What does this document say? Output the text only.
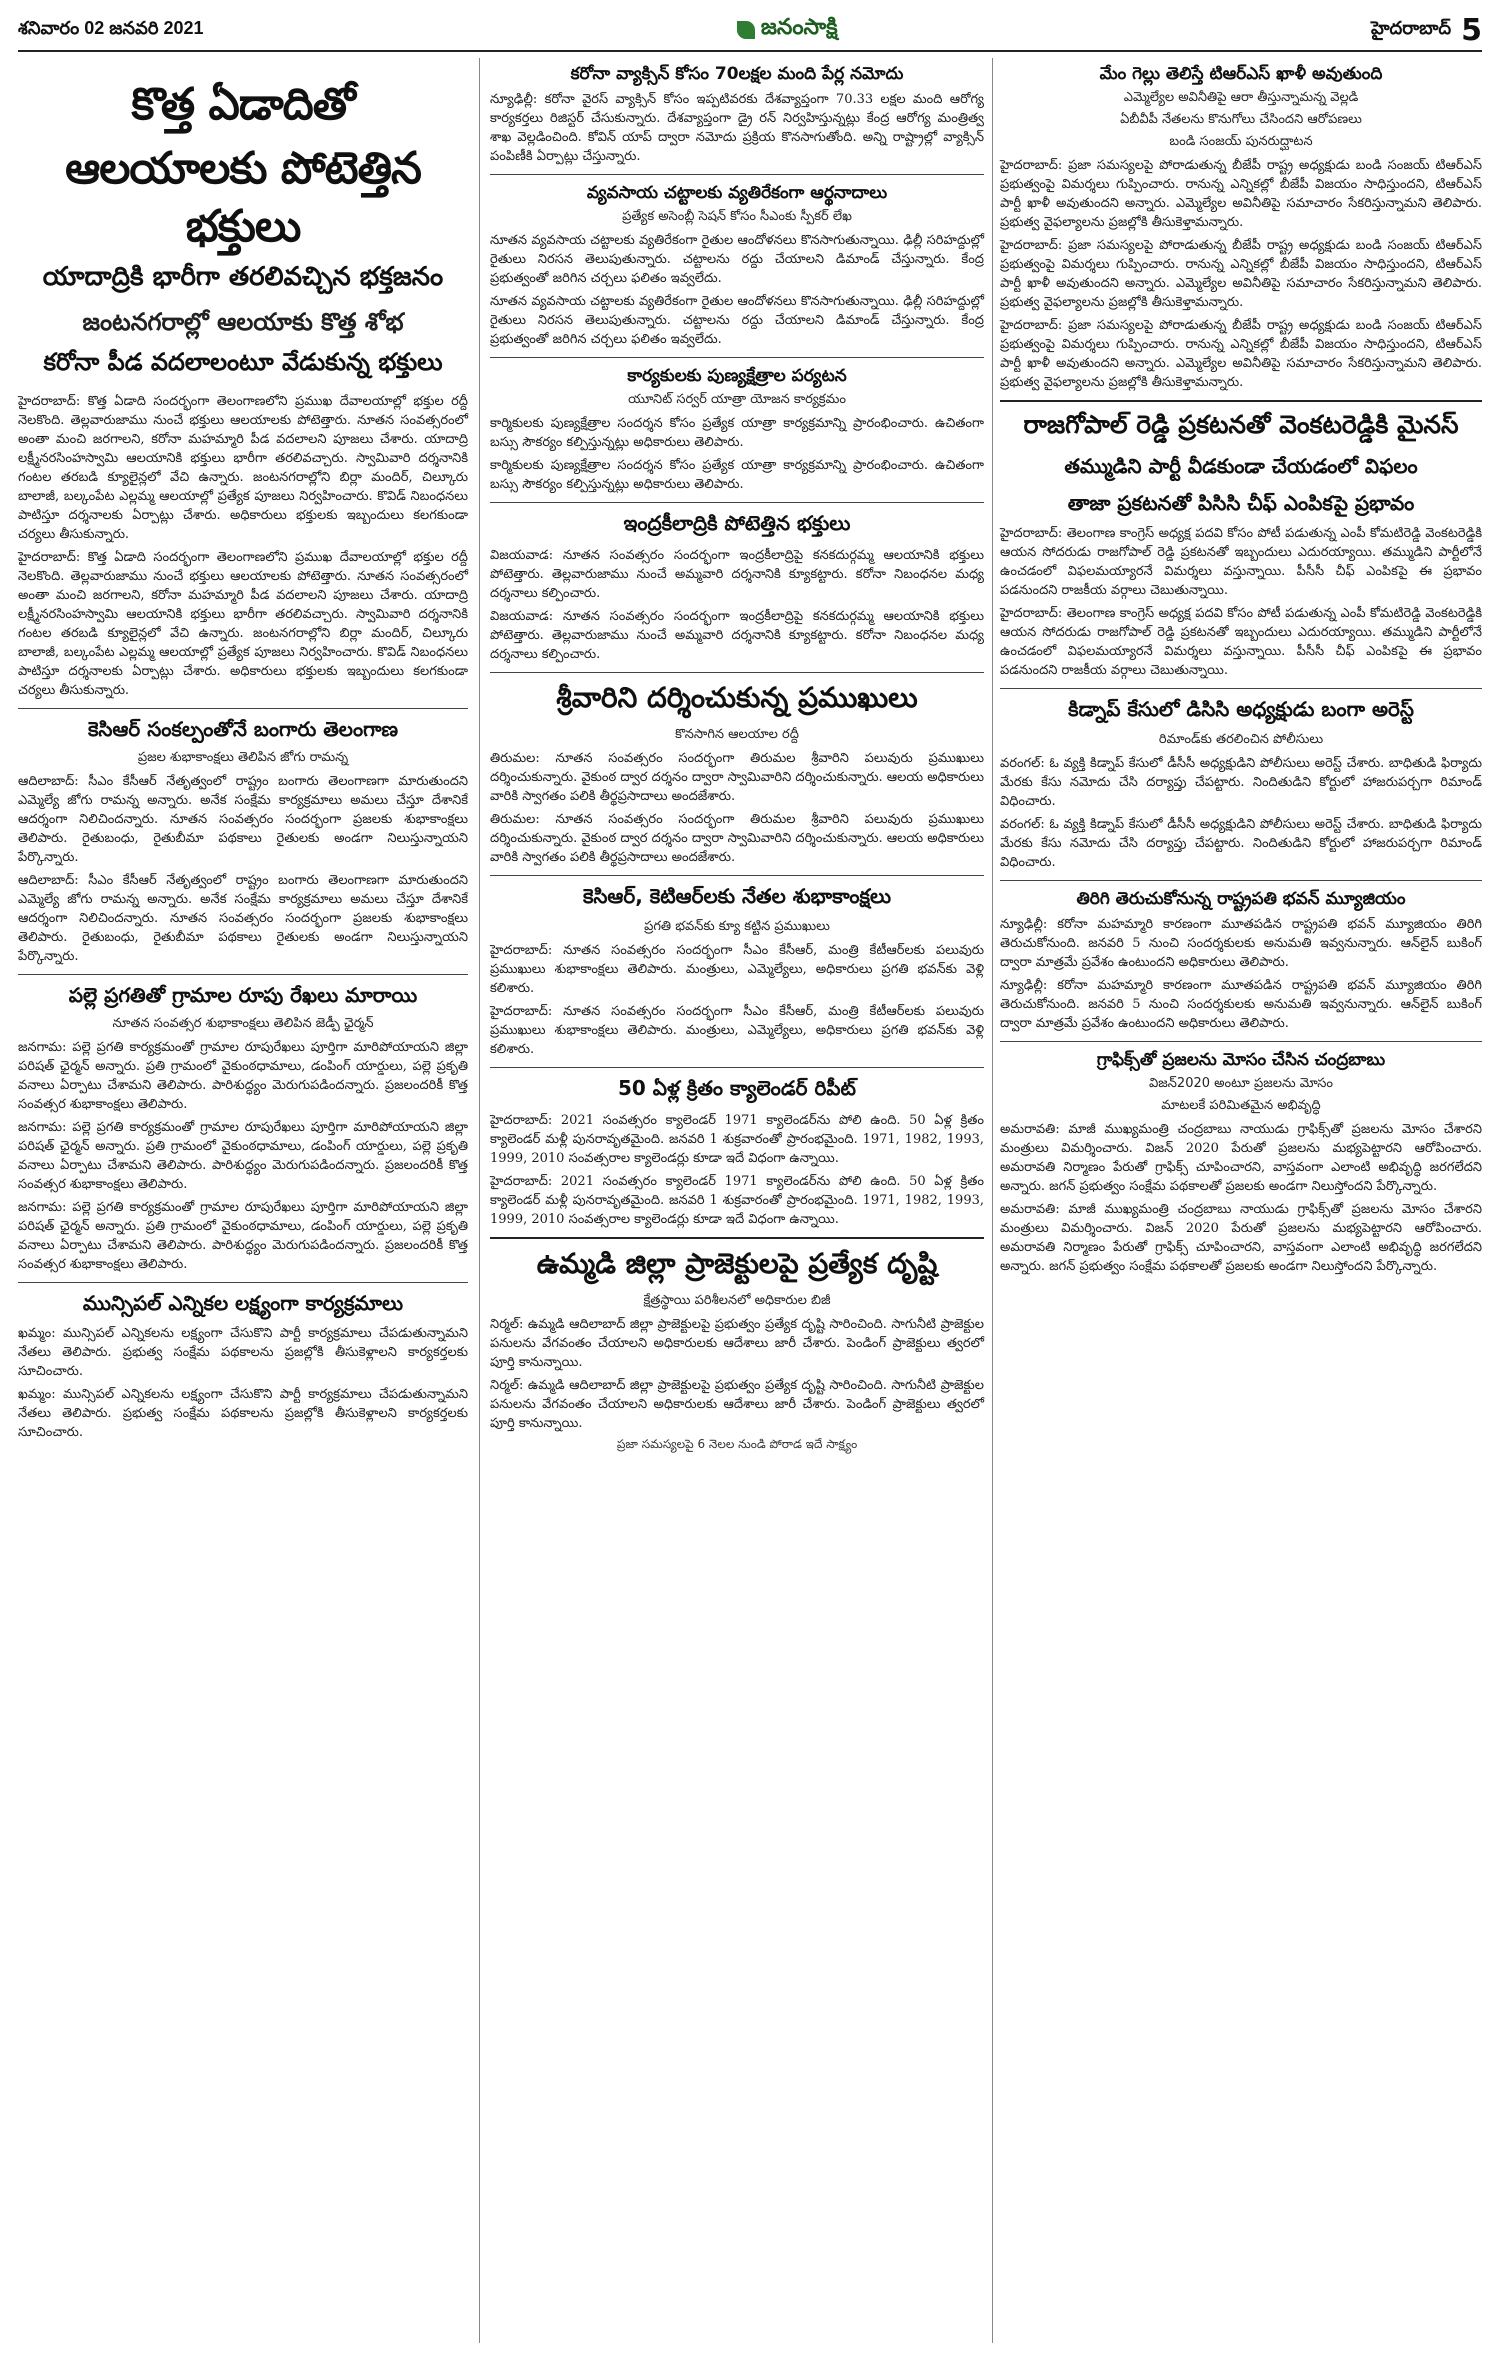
శనివారం 02 జనవరి 2021	జనంసాక్షి	హైదరాబాద్ 5
కొత్త ఏడాదితో
ఆలయాలకు పోటెత్తిన భక్తులు
యాదాద్రికి భారీగా తరలివచ్చిన భక్తజనం
జంటనగరాల్లో ఆలయాకు కొత్త శోభ
కరోనా పీడ వదలాలంటూ వేడుకున్న భక్తులు

హైదరాబాద్‌: కొత్త ఏడాది సందర్భంగా తెలంగాణలోని ప్రముఖ దేవాలయాల్లో భక్తుల రద్దీ నెలకొంది. తెల్లవారుజాము నుంచే భక్తులు ఆలయాలకు పోటెత్తారు. నూతన సంవత్సరంలో అంతా మంచి జరగాలని, కరోనా మహమ్మారి పీడ వదలాలని పూజలు చేశారు. యాదాద్రి లక్ష్మీనరసింహస్వామి ఆలయానికి భక్తులు భారీగా తరలివచ్చారు. స్వామివారి దర్శనానికి గంటల తరబడి క్యూలైన్లలో వేచి ఉన్నారు. జంటనగరాల్లోని బిర్లా మందిర్‌, చిల్కూరు బాలాజీ, బల్కంపేట ఎల్లమ్మ ఆలయాల్లో ప్రత్యేక పూజలు నిర్వహించారు. కొవిడ్‌ నిబంధనలు పాటిస్తూ దర్శనాలకు ఏర్పాట్లు చేశారు. అధికారులు భక్తులకు ఇబ్బందులు కలగకుండా చర్యలు తీసుకున్నారు.

హైదరాబాద్‌: కొత్త ఏడాది సందర్భంగా తెలంగాణలోని ప్రముఖ దేవాలయాల్లో భక్తుల రద్దీ నెలకొంది. తెల్లవారుజాము నుంచే భక్తులు ఆలయాలకు పోటెత్తారు. నూతన సంవత్సరంలో అంతా మంచి జరగాలని, కరోనా మహమ్మారి పీడ వదలాలని పూజలు చేశారు. యాదాద్రి లక్ష్మీనరసింహస్వామి ఆలయానికి భక్తులు భారీగా తరలివచ్చారు. స్వామివారి దర్శనానికి గంటల తరబడి క్యూలైన్లలో వేచి ఉన్నారు. జంటనగరాల్లోని బిర్లా మందిర్‌, చిల్కూరు బాలాజీ, బల్కంపేట ఎల్లమ్మ ఆలయాల్లో ప్రత్యేక పూజలు నిర్వహించారు. కొవిడ్‌ నిబంధనలు పాటిస్తూ దర్శనాలకు ఏర్పాట్లు చేశారు. అధికారులు భక్తులకు ఇబ్బందులు కలగకుండా చర్యలు తీసుకున్నారు.

కెసిఆర్‌ సంకల్పంతోనే బంగారు తెలంగాణ
ప్రజల శుభాకాంక్షలు తెలిపిన జోగు రామన్న

ఆదిలాబాద్‌: సీఎం కేసీఆర్‌ నేతృత్వంలో రాష్ట్రం బంగారు తెలంగాణగా మారుతుందని ఎమ్మెల్యే జోగు రామన్న అన్నారు. అనేక సంక్షేమ కార్యక్రమాలు అమలు చేస్తూ దేశానికే ఆదర్శంగా నిలిచిందన్నారు. నూతన సంవత్సరం సందర్భంగా ప్రజలకు శుభాకాంక్షలు తెలిపారు. రైతుబంధు, రైతుబీమా పథకాలు రైతులకు అండగా నిలుస్తున్నాయని పేర్కొన్నారు.

ఆదిలాబాద్‌: సీఎం కేసీఆర్‌ నేతృత్వంలో రాష్ట్రం బంగారు తెలంగాణగా మారుతుందని ఎమ్మెల్యే జోగు రామన్న అన్నారు. అనేక సంక్షేమ కార్యక్రమాలు అమలు చేస్తూ దేశానికే ఆదర్శంగా నిలిచిందన్నారు. నూతన సంవత్సరం సందర్భంగా ప్రజలకు శుభాకాంక్షలు తెలిపారు. రైతుబంధు, రైతుబీమా పథకాలు రైతులకు అండగా నిలుస్తున్నాయని పేర్కొన్నారు.

పల్లె ప్రగతితో గ్రామాల రూపు రేఖలు మారాయి
నూతన సంవత్సర శుభాకాంక్షలు తెలిపిన జెడ్పీ ఛైర్మన్‌

జనగామ: పల్లె ప్రగతి కార్యక్రమంతో గ్రామాల రూపురేఖలు పూర్తిగా మారిపోయాయని జిల్లా పరిషత్‌ ఛైర్మన్‌ అన్నారు. ప్రతి గ్రామంలో వైకుంఠధామాలు, డంపింగ్‌ యార్డులు, పల్లె ప్రకృతి వనాలు ఏర్పాటు చేశామని తెలిపారు. పారిశుద్ధ్యం మెరుగుపడిందన్నారు. ప్రజలందరికీ కొత్త సంవత్సర శుభాకాంక్షలు తెలిపారు.

జనగామ: పల్లె ప్రగతి కార్యక్రమంతో గ్రామాల రూపురేఖలు పూర్తిగా మారిపోయాయని జిల్లా పరిషత్‌ ఛైర్మన్‌ అన్నారు. ప్రతి గ్రామంలో వైకుంఠధామాలు, డంపింగ్‌ యార్డులు, పల్లె ప్రకృతి వనాలు ఏర్పాటు చేశామని తెలిపారు. పారిశుద్ధ్యం మెరుగుపడిందన్నారు. ప్రజలందరికీ కొత్త సంవత్సర శుభాకాంక్షలు తెలిపారు.

జనగామ: పల్లె ప్రగతి కార్యక్రమంతో గ్రామాల రూపురేఖలు పూర్తిగా మారిపోయాయని జిల్లా పరిషత్‌ ఛైర్మన్‌ అన్నారు. ప్రతి గ్రామంలో వైకుంఠధామాలు, డంపింగ్‌ యార్డులు, పల్లె ప్రకృతి వనాలు ఏర్పాటు చేశామని తెలిపారు. పారిశుద్ధ్యం మెరుగుపడిందన్నారు. ప్రజలందరికీ కొత్త సంవత్సర శుభాకాంక్షలు తెలిపారు.

మున్సిపల్‌ ఎన్నికల లక్ష్యంగా కార్యక్రమాలు

ఖమ్మం: మున్సిపల్‌ ఎన్నికలను లక్ష్యంగా చేసుకొని పార్టీ కార్యక్రమాలు చేపడుతున్నామని నేతలు తెలిపారు. ప్రభుత్వ సంక్షేమ పథకాలను ప్రజల్లోకి తీసుకెళ్లాలని కార్యకర్తలకు సూచించారు.

ఖమ్మం: మున్సిపల్‌ ఎన్నికలను లక్ష్యంగా చేసుకొని పార్టీ కార్యక్రమాలు చేపడుతున్నామని నేతలు తెలిపారు. ప్రభుత్వ సంక్షేమ పథకాలను ప్రజల్లోకి తీసుకెళ్లాలని కార్యకర్తలకు సూచించారు.

కరోనా వ్యాక్సిన్‌ కోసం 70లక్షల మంది పేర్ల నమోదు

న్యూఢిల్లీ: కరోనా వైరస్‌ వ్యాక్సిన్‌ కోసం ఇప్పటివరకు దేశవ్యాప్తంగా 70.33 లక్షల మంది ఆరోగ్య కార్యకర్తలు రిజిస్టర్‌ చేసుకున్నారు. దేశవ్యాప్తంగా డ్రై రన్‌ నిర్వహిస్తున్నట్లు కేంద్ర ఆరోగ్య మంత్రిత్వ శాఖ వెల్లడించింది. కోవిన్‌ యాప్‌ ద్వారా నమోదు ప్రక్రియ కొనసాగుతోంది. అన్ని రాష్ట్రాల్లో వ్యాక్సిన్‌ పంపిణీకి ఏర్పాట్లు చేస్తున్నారు.

వ్యవసాయ చట్టాలకు వ్యతిరేకంగా ఆర్థనాదాలు
ప్రత్యేక అసెంబ్లీ సెషన్‌ కోసం సీఎంకు స్పీకర్‌ లేఖ

నూతన వ్యవసాయ చట్టాలకు వ్యతిరేకంగా రైతుల ఆందోళనలు కొనసాగుతున్నాయి. ఢిల్లీ సరిహద్దుల్లో రైతులు నిరసన తెలుపుతున్నారు. చట్టాలను రద్దు చేయాలని డిమాండ్‌ చేస్తున్నారు. కేంద్ర ప్రభుత్వంతో జరిగిన చర్చలు ఫలితం ఇవ్వలేదు.

నూతన వ్యవసాయ చట్టాలకు వ్యతిరేకంగా రైతుల ఆందోళనలు కొనసాగుతున్నాయి. ఢిల్లీ సరిహద్దుల్లో రైతులు నిరసన తెలుపుతున్నారు. చట్టాలను రద్దు చేయాలని డిమాండ్‌ చేస్తున్నారు. కేంద్ర ప్రభుత్వంతో జరిగిన చర్చలు ఫలితం ఇవ్వలేదు.

కార్యకులకు పుణ్యక్షేత్రాల పర్యటన
యూనిట్‌ సర్వర్‌ యాత్రా యోజన కార్యక్రమం

కార్మికులకు పుణ్యక్షేత్రాల సందర్శన కోసం ప్రత్యేక యాత్రా కార్యక్రమాన్ని ప్రారంభించారు. ఉచితంగా బస్సు సౌకర్యం కల్పిస్తున్నట్లు అధికారులు తెలిపారు.

కార్మికులకు పుణ్యక్షేత్రాల సందర్శన కోసం ప్రత్యేక యాత్రా కార్యక్రమాన్ని ప్రారంభించారు. ఉచితంగా బస్సు సౌకర్యం కల్పిస్తున్నట్లు అధికారులు తెలిపారు.

ఇంద్రకీలాద్రికి పోటెత్తిన భక్తులు

విజయవాడ: నూతన సంవత్సరం సందర్భంగా ఇంద్రకీలాద్రిపై కనకదుర్గమ్మ ఆలయానికి భక్తులు పోటెత్తారు. తెల్లవారుజాము నుంచే అమ్మవారి దర్శనానికి క్యూకట్టారు. కరోనా నిబంధనల మధ్య దర్శనాలు కల్పించారు.

విజయవాడ: నూతన సంవత్సరం సందర్భంగా ఇంద్రకీలాద్రిపై కనకదుర్గమ్మ ఆలయానికి భక్తులు పోటెత్తారు. తెల్లవారుజాము నుంచే అమ్మవారి దర్శనానికి క్యూకట్టారు. కరోనా నిబంధనల మధ్య దర్శనాలు కల్పించారు.

శ్రీవారిని దర్శించుకున్న ప్రముఖులు
కొనసాగిన ఆలయాల రద్దీ

తిరుమల: నూతన సంవత్సరం సందర్భంగా తిరుమల శ్రీవారిని పలువురు ప్రముఖులు దర్శించుకున్నారు. వైకుంఠ ద్వార దర్శనం ద్వారా స్వామివారిని దర్శించుకున్నారు. ఆలయ అధికారులు వారికి స్వాగతం పలికి తీర్థప్రసాదాలు అందజేశారు.

తిరుమల: నూతన సంవత్సరం సందర్భంగా తిరుమల శ్రీవారిని పలువురు ప్రముఖులు దర్శించుకున్నారు. వైకుంఠ ద్వార దర్శనం ద్వారా స్వామివారిని దర్శించుకున్నారు. ఆలయ అధికారులు వారికి స్వాగతం పలికి తీర్థప్రసాదాలు అందజేశారు.

కెసిఆర్‌, కెటిఆర్‌లకు నేతల శుభాకాంక్షలు
ప్రగతి భవన్‌కు క్యూ కట్టిన ప్రముఖులు

హైదరాబాద్‌: నూతన సంవత్సరం సందర్భంగా సీఎం కేసీఆర్‌, మంత్రి కేటీఆర్‌లకు పలువురు ప్రముఖులు శుభాకాంక్షలు తెలిపారు. మంత్రులు, ఎమ్మెల్యేలు, అధికారులు ప్రగతి భవన్‌కు వెళ్లి కలిశారు.

హైదరాబాద్‌: నూతన సంవత్సరం సందర్భంగా సీఎం కేసీఆర్‌, మంత్రి కేటీఆర్‌లకు పలువురు ప్రముఖులు శుభాకాంక్షలు తెలిపారు. మంత్రులు, ఎమ్మెల్యేలు, అధికారులు ప్రగతి భవన్‌కు వెళ్లి కలిశారు.

50 ఏళ్ల క్రితం క్యాలెండర్‌ రిపీట్‌

హైదరాబాద్‌: 2021 సంవత్సరం క్యాలెండర్‌ 1971 క్యాలెండర్‌ను పోలి ఉంది. 50 ఏళ్ల క్రితం క్యాలెండర్‌ మళ్లీ పునరావృతమైంది. జనవరి 1 శుక్రవారంతో ప్రారంభమైంది. 1971, 1982, 1993, 1999, 2010 సంవత్సరాల క్యాలెండర్లు కూడా ఇదే విధంగా ఉన్నాయి.

హైదరాబాద్‌: 2021 సంవత్సరం క్యాలెండర్‌ 1971 క్యాలెండర్‌ను పోలి ఉంది. 50 ఏళ్ల క్రితం క్యాలెండర్‌ మళ్లీ పునరావృతమైంది. జనవరి 1 శుక్రవారంతో ప్రారంభమైంది. 1971, 1982, 1993, 1999, 2010 సంవత్సరాల క్యాలెండర్లు కూడా ఇదే విధంగా ఉన్నాయి.

ఉమ్మడి జిల్లా ప్రాజెక్టులపై ప్రత్యేక దృష్టి
క్షేత్రస్థాయి పరిశీలనలో అధికారుల బిజీ

నిర్మల్‌: ఉమ్మడి ఆదిలాబాద్‌ జిల్లా ప్రాజెక్టులపై ప్రభుత్వం ప్రత్యేక దృష్టి సారించింది. సాగునీటి ప్రాజెక్టుల పనులను వేగవంతం చేయాలని అధికారులకు ఆదేశాలు జారీ చేశారు. పెండింగ్‌ ప్రాజెక్టులు త్వరలో పూర్తి కానున్నాయి.

నిర్మల్‌: ఉమ్మడి ఆదిలాబాద్‌ జిల్లా ప్రాజెక్టులపై ప్రభుత్వం ప్రత్యేక దృష్టి సారించింది. సాగునీటి ప్రాజెక్టుల పనులను వేగవంతం చేయాలని అధికారులకు ఆదేశాలు జారీ చేశారు. పెండింగ్‌ ప్రాజెక్టులు త్వరలో పూర్తి కానున్నాయి.

ప్రజా సమస్యలపై 6 నెలల నుండి పోరాడ ఇదే సాక్ష్యం
మేం గెల్లు తెలిస్తే టిఆర్‌ఎస్‌ ఖాళీ అవుతుంది
ఎమ్మెల్యేల అవినీతిపై ఆరా తీస్తున్నామన్న వెల్లడి
ఏబీవీపీ నేతలను కొనుగోలు చేసిందని ఆరోపణలు
బండి సంజయ్‌ పునరుద్ఘాటన

హైదరాబాద్‌: ప్రజా సమస్యలపై పోరాడుతున్న బీజేపీ రాష్ట్ర అధ్యక్షుడు బండి సంజయ్‌ టిఆర్‌ఎస్‌ ప్రభుత్వంపై విమర్శలు గుప్పించారు. రానున్న ఎన్నికల్లో బీజేపీ విజయం సాధిస్తుందని, టిఆర్‌ఎస్‌ పార్టీ ఖాళీ అవుతుందని అన్నారు. ఎమ్మెల్యేల అవినీతిపై సమాచారం సేకరిస్తున్నామని తెలిపారు. ప్రభుత్వ వైఫల్యాలను ప్రజల్లోకి తీసుకెళ్తామన్నారు.

హైదరాబాద్‌: ప్రజా సమస్యలపై పోరాడుతున్న బీజేపీ రాష్ట్ర అధ్యక్షుడు బండి సంజయ్‌ టిఆర్‌ఎస్‌ ప్రభుత్వంపై విమర్శలు గుప్పించారు. రానున్న ఎన్నికల్లో బీజేపీ విజయం సాధిస్తుందని, టిఆర్‌ఎస్‌ పార్టీ ఖాళీ అవుతుందని అన్నారు. ఎమ్మెల్యేల అవినీతిపై సమాచారం సేకరిస్తున్నామని తెలిపారు. ప్రభుత్వ వైఫల్యాలను ప్రజల్లోకి తీసుకెళ్తామన్నారు.

హైదరాబాద్‌: ప్రజా సమస్యలపై పోరాడుతున్న బీజేపీ రాష్ట్ర అధ్యక్షుడు బండి సంజయ్‌ టిఆర్‌ఎస్‌ ప్రభుత్వంపై విమర్శలు గుప్పించారు. రానున్న ఎన్నికల్లో బీజేపీ విజయం సాధిస్తుందని, టిఆర్‌ఎస్‌ పార్టీ ఖాళీ అవుతుందని అన్నారు. ఎమ్మెల్యేల అవినీతిపై సమాచారం సేకరిస్తున్నామని తెలిపారు. ప్రభుత్వ వైఫల్యాలను ప్రజల్లోకి తీసుకెళ్తామన్నారు.

రాజగోపాల్‌ రెడ్డి ప్రకటనతో వెంకటరెడ్డికి మైనస్‌
తమ్ముడిని పార్టీ వీడకుండా చేయడంలో విఫలం
తాజా ప్రకటనతో పిసిసి చీఫ్‌ ఎంపికపై ప్రభావం

హైదరాబాద్‌: తెలంగాణ కాంగ్రెస్‌ అధ్యక్ష పదవి కోసం పోటీ పడుతున్న ఎంపీ కోమటిరెడ్డి వెంకటరెడ్డికి ఆయన సోదరుడు రాజగోపాల్‌ రెడ్డి ప్రకటనతో ఇబ్బందులు ఎదురయ్యాయి. తమ్ముడిని పార్టీలోనే ఉంచడంలో విఫలమయ్యారనే విమర్శలు వస్తున్నాయి. పీసీసీ చీఫ్‌ ఎంపికపై ఈ ప్రభావం పడనుందని రాజకీయ వర్గాలు చెబుతున్నాయి.

హైదరాబాద్‌: తెలంగాణ కాంగ్రెస్‌ అధ్యక్ష పదవి కోసం పోటీ పడుతున్న ఎంపీ కోమటిరెడ్డి వెంకటరెడ్డికి ఆయన సోదరుడు రాజగోపాల్‌ రెడ్డి ప్రకటనతో ఇబ్బందులు ఎదురయ్యాయి. తమ్ముడిని పార్టీలోనే ఉంచడంలో విఫలమయ్యారనే విమర్శలు వస్తున్నాయి. పీసీసీ చీఫ్‌ ఎంపికపై ఈ ప్రభావం పడనుందని రాజకీయ వర్గాలు చెబుతున్నాయి.

కిడ్నాప్‌ కేసులో డిసిసి అధ్యక్షుడు బంగా అరెస్ట్‌
రిమాండ్‌కు తరలించిన పోలీసులు

వరంగల్‌: ఓ వ్యక్తి కిడ్నాప్‌ కేసులో డీసీసీ అధ్యక్షుడిని పోలీసులు అరెస్ట్‌ చేశారు. బాధితుడి ఫిర్యాదు మేరకు కేసు నమోదు చేసి దర్యాప్తు చేపట్టారు. నిందితుడిని కోర్టులో హాజరుపర్చగా రిమాండ్‌ విధించారు.

వరంగల్‌: ఓ వ్యక్తి కిడ్నాప్‌ కేసులో డీసీసీ అధ్యక్షుడిని పోలీసులు అరెస్ట్‌ చేశారు. బాధితుడి ఫిర్యాదు మేరకు కేసు నమోదు చేసి దర్యాప్తు చేపట్టారు. నిందితుడిని కోర్టులో హాజరుపర్చగా రిమాండ్‌ విధించారు.

తిరిగి తెరుచుకోనున్న రాష్ట్రపతి భవన్‌ మ్యూజియం

న్యూఢిల్లీ: కరోనా మహమ్మారి కారణంగా మూతపడిన రాష్ట్రపతి భవన్‌ మ్యూజియం తిరిగి తెరుచుకోనుంది. జనవరి 5 నుంచి సందర్శకులకు అనుమతి ఇవ్వనున్నారు. ఆన్‌లైన్‌ బుకింగ్‌ ద్వారా మాత్రమే ప్రవేశం ఉంటుందని అధికారులు తెలిపారు.

న్యూఢిల్లీ: కరోనా మహమ్మారి కారణంగా మూతపడిన రాష్ట్రపతి భవన్‌ మ్యూజియం తిరిగి తెరుచుకోనుంది. జనవరి 5 నుంచి సందర్శకులకు అనుమతి ఇవ్వనున్నారు. ఆన్‌లైన్‌ బుకింగ్‌ ద్వారా మాత్రమే ప్రవేశం ఉంటుందని అధికారులు తెలిపారు.

గ్రాఫిక్స్‌తో ప్రజలను మోసం చేసిన చంద్రబాబు
విజన్‌2020 అంటూ ప్రజలను మోసం
మాటలకే పరిమితమైన అభివృద్ధి

అమరావతి: మాజీ ముఖ్యమంత్రి చంద్రబాబు నాయుడు గ్రాఫిక్స్‌తో ప్రజలను మోసం చేశారని మంత్రులు విమర్శించారు. విజన్‌ 2020 పేరుతో ప్రజలను మభ్యపెట్టారని ఆరోపించారు. అమరావతి నిర్మాణం పేరుతో గ్రాఫిక్స్‌ చూపించారని, వాస్తవంగా ఎలాంటి అభివృద్ధి జరగలేదని అన్నారు. జగన్‌ ప్రభుత్వం సంక్షేమ పథకాలతో ప్రజలకు అండగా నిలుస్తోందని పేర్కొన్నారు.

అమరావతి: మాజీ ముఖ్యమంత్రి చంద్రబాబు నాయుడు గ్రాఫిక్స్‌తో ప్రజలను మోసం చేశారని మంత్రులు విమర్శించారు. విజన్‌ 2020 పేరుతో ప్రజలను మభ్యపెట్టారని ఆరోపించారు. అమరావతి నిర్మాణం పేరుతో గ్రాఫిక్స్‌ చూపించారని, వాస్తవంగా ఎలాంటి అభివృద్ధి జరగలేదని అన్నారు. జగన్‌ ప్రభుత్వం సంక్షేమ పథకాలతో ప్రజలకు అండగా నిలుస్తోందని పేర్కొన్నారు.
